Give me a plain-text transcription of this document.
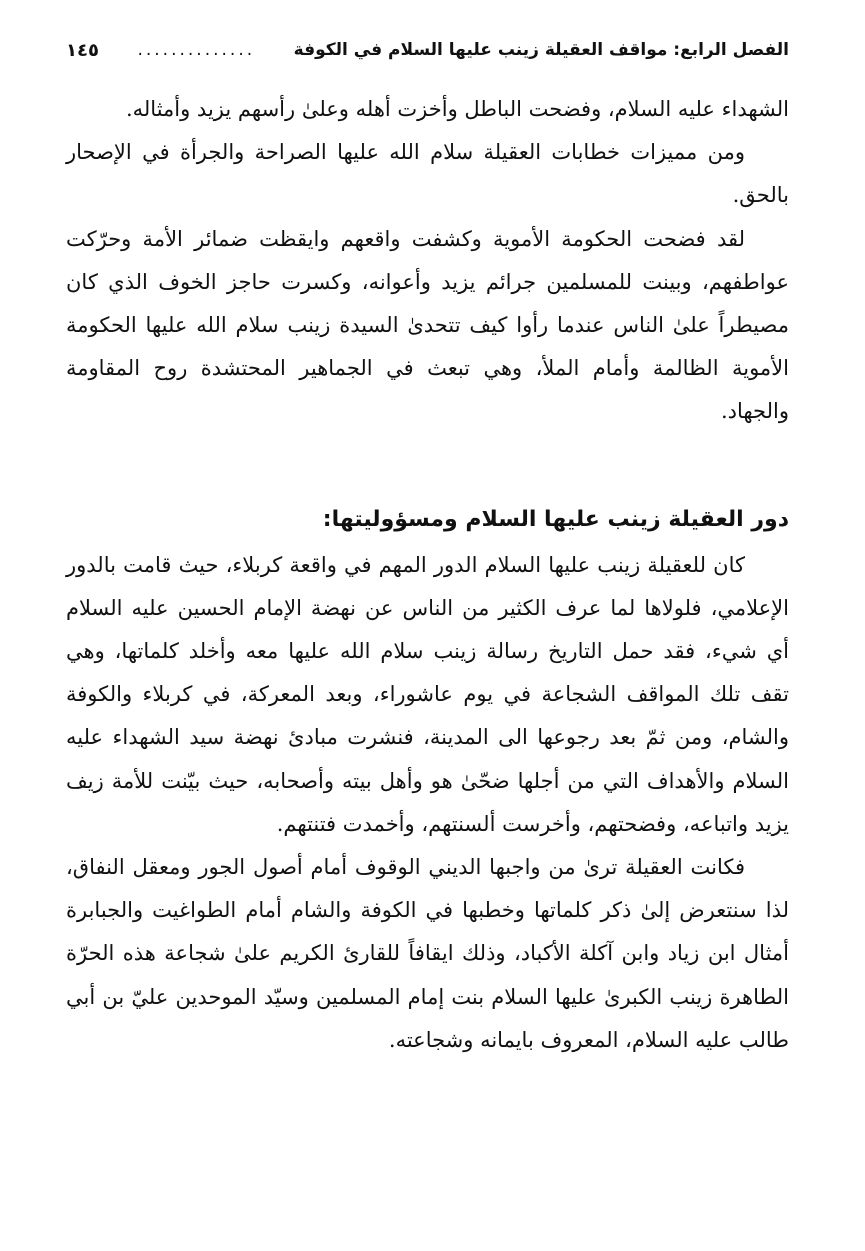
الفصل الرابع: مواقف العقيلة زينب عليها السلام في الكوفة
..............
١٤٥

الشهداء عليه السلام، وفضحت الباطل وأخزت أهله وعلىٰ رأسهم يزيد وأمثاله.

ومن مميزات خطابات العقيلة سلام الله عليها الصراحة والجرأة في الإصحار بالحق.

لقد فضحت الحكومة الأموية وكشفت واقعهم وايقظت ضمائر الأمة وحرّكت عواطفهم، وبينت للمسلمين جرائم يزيد وأعوانه، وكسرت حاجز الخوف الذي كان مصيطراً علىٰ الناس عندما رأوا كيف تتحدىٰ السيدة زينب سلام الله عليها الحكومة الأموية الظالمة وأمام الملأ، وهي تبعث في الجماهير المحتشدة روح المقاومة والجهاد.

دور العقيلة زينب عليها السلام ومسؤوليتها:

كان للعقيلة زينب عليها السلام الدور المهم في واقعة كربلاء، حيث قامت بالدور الإعلامي، فلولاها لما عرف الكثير من الناس عن نهضة الإمام الحسين عليه السلام أي شيء، فقد حمل التاريخ رسالة زينب سلام الله عليها معه وأخلد كلماتها، وهي تقف تلك المواقف الشجاعة في يوم عاشوراء، وبعد المعركة، في كربلاء والكوفة والشام، ومن ثمّ بعد رجوعها الى المدينة، فنشرت مبادئ نهضة سيد الشهداء عليه السلام والأهداف التي من أجلها ضحّىٰ هو وأهل بيته وأصحابه، حيث بيّنت للأمة زيف يزيد واتباعه، وفضحتهم، وأخرست ألسنتهم، وأخمدت فتنتهم.

فكانت العقيلة ترىٰ من واجبها الديني الوقوف أمام أصول الجور ومعقل النفاق، لذا سنتعرض إلىٰ ذكر كلماتها وخطبها في الكوفة والشام أمام الطواغيت والجبابرة أمثال ابن زياد وابن آكلة الأكباد، وذلك ايقافاً للقارئ الكريم علىٰ شجاعة هذه الحرّة الطاهرة زينب الكبرىٰ عليها السلام بنت إمام المسلمين وسيّد الموحدين عليّ بن أبي طالب عليه السلام، المعروف بايمانه وشجاعته.
